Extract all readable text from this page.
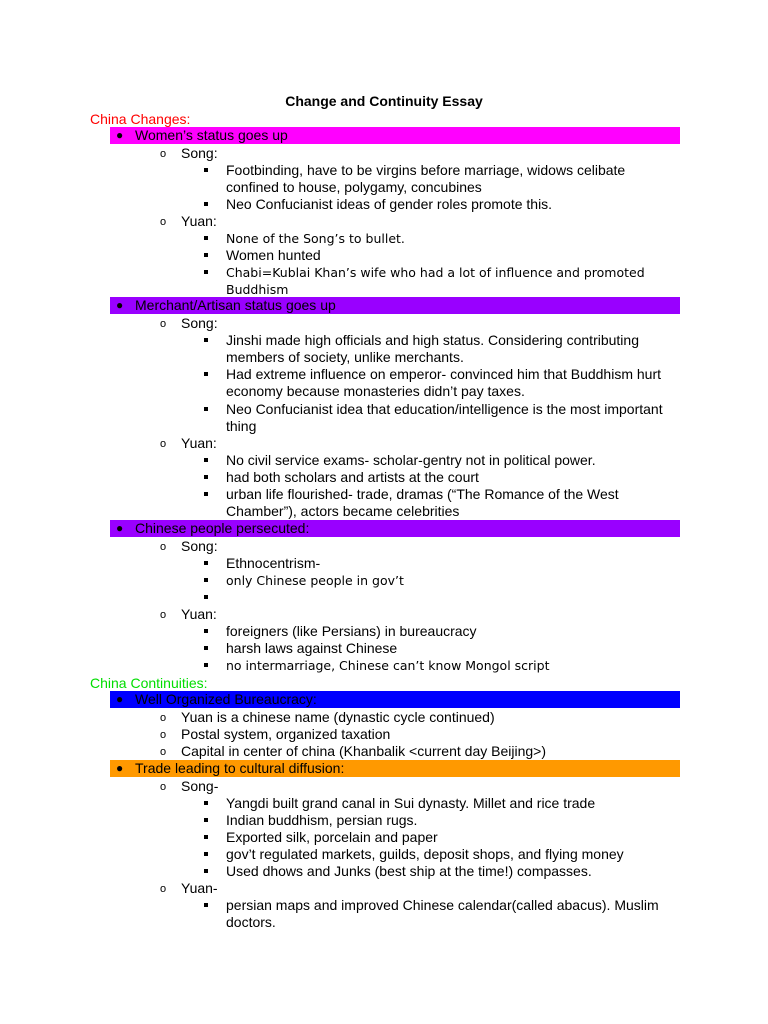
Change and Continuity Essay
China Changes:
● Women’s status goes up
o Song:
Footbinding, have to be virgins before marriage, widows celibate confined to house, polygamy, concubines
Neo Confucianist ideas of gender roles promote this.
o Yuan:
None of the Song’s to bullet.
Women hunted
Chabi=Kublai Khan’s wife who had a lot of influence and promoted Buddhism
● Merchant/Artisan status goes up
o Song:
Jinshi made high officials and high status. Considering contributing members of society, unlike merchants.
Had extreme influence on emperor- convinced him that Buddhism hurt economy because monasteries didn’t pay taxes.
Neo Confucianist idea that education/intelligence is the most important thing
o Yuan:
No civil service exams- scholar-gentry not in political power.
had both scholars and artists at the court
urban life flourished- trade, dramas (“The Romance of the West Chamber”), actors became celebrities
● Chinese people persecuted:
o Song:
Ethnocentrism-
only Chinese people in gov’t
o Yuan:
foreigners (like Persians) in bureaucracy
harsh laws against Chinese
no intermarriage, Chinese can’t know Mongol script
China Continuities:
● Well Organized Bureaucracy:
o Yuan is a chinese name (dynastic cycle continued)
o Postal system, organized taxation
o Capital in center of china (Khanbalik <current day Beijing>)
● Trade leading to cultural diffusion:
o Song-
Yangdi built grand canal in Sui dynasty. Millet and rice trade
Indian buddhism, persian rugs.
Exported silk, porcelain and paper
gov’t regulated markets, guilds, deposit shops, and flying money
Used dhows and Junks (best ship at the time!) compasses.
o Yuan-
persian maps and improved Chinese calendar(called abacus). Muslim doctors.
